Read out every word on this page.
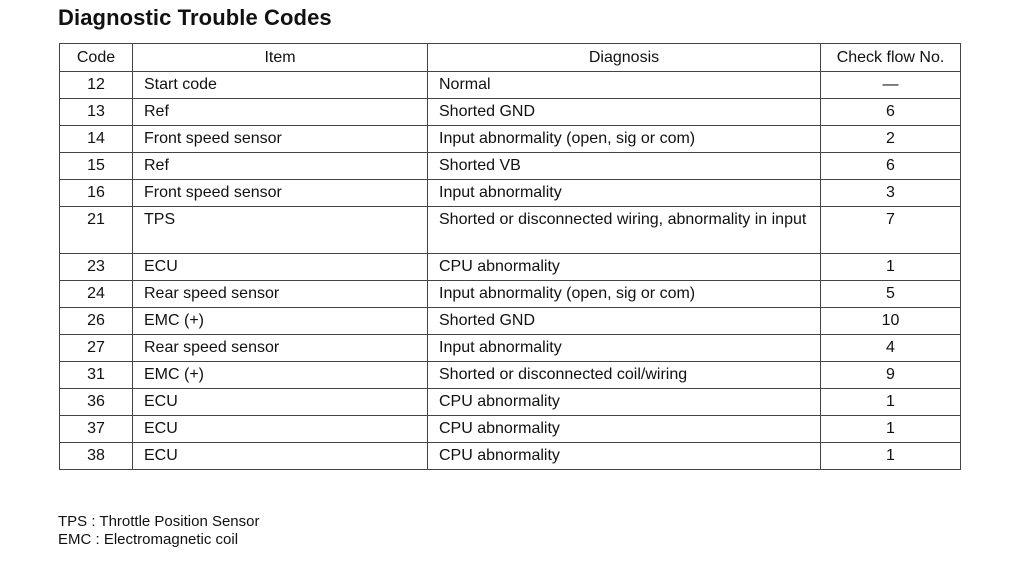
Diagnostic Trouble Codes
Code	Item	Diagnosis	Check flow No.
12	Start code	Normal	—
13	Ref	Shorted GND	6
14	Front speed sensor	Input abnormality (open, sig or com)	2
15	Ref	Shorted VB	6
16	Front speed sensor	Input abnormality	3
21	TPS	Shorted or disconnected wiring, abnormality in input	7
23	ECU	CPU abnormality	1
24	Rear speed sensor	Input abnormality (open, sig or com)	5
26	EMC (+)	Shorted GND	10
27	Rear speed sensor	Input abnormality	4
31	EMC (+)	Shorted or disconnected coil/wiring	9
36	ECU	CPU abnormality	1
37	ECU	CPU abnormality	1
38	ECU	CPU abnormality	1
TPS : Throttle Position Sensor
EMC : Electromagnetic coil
